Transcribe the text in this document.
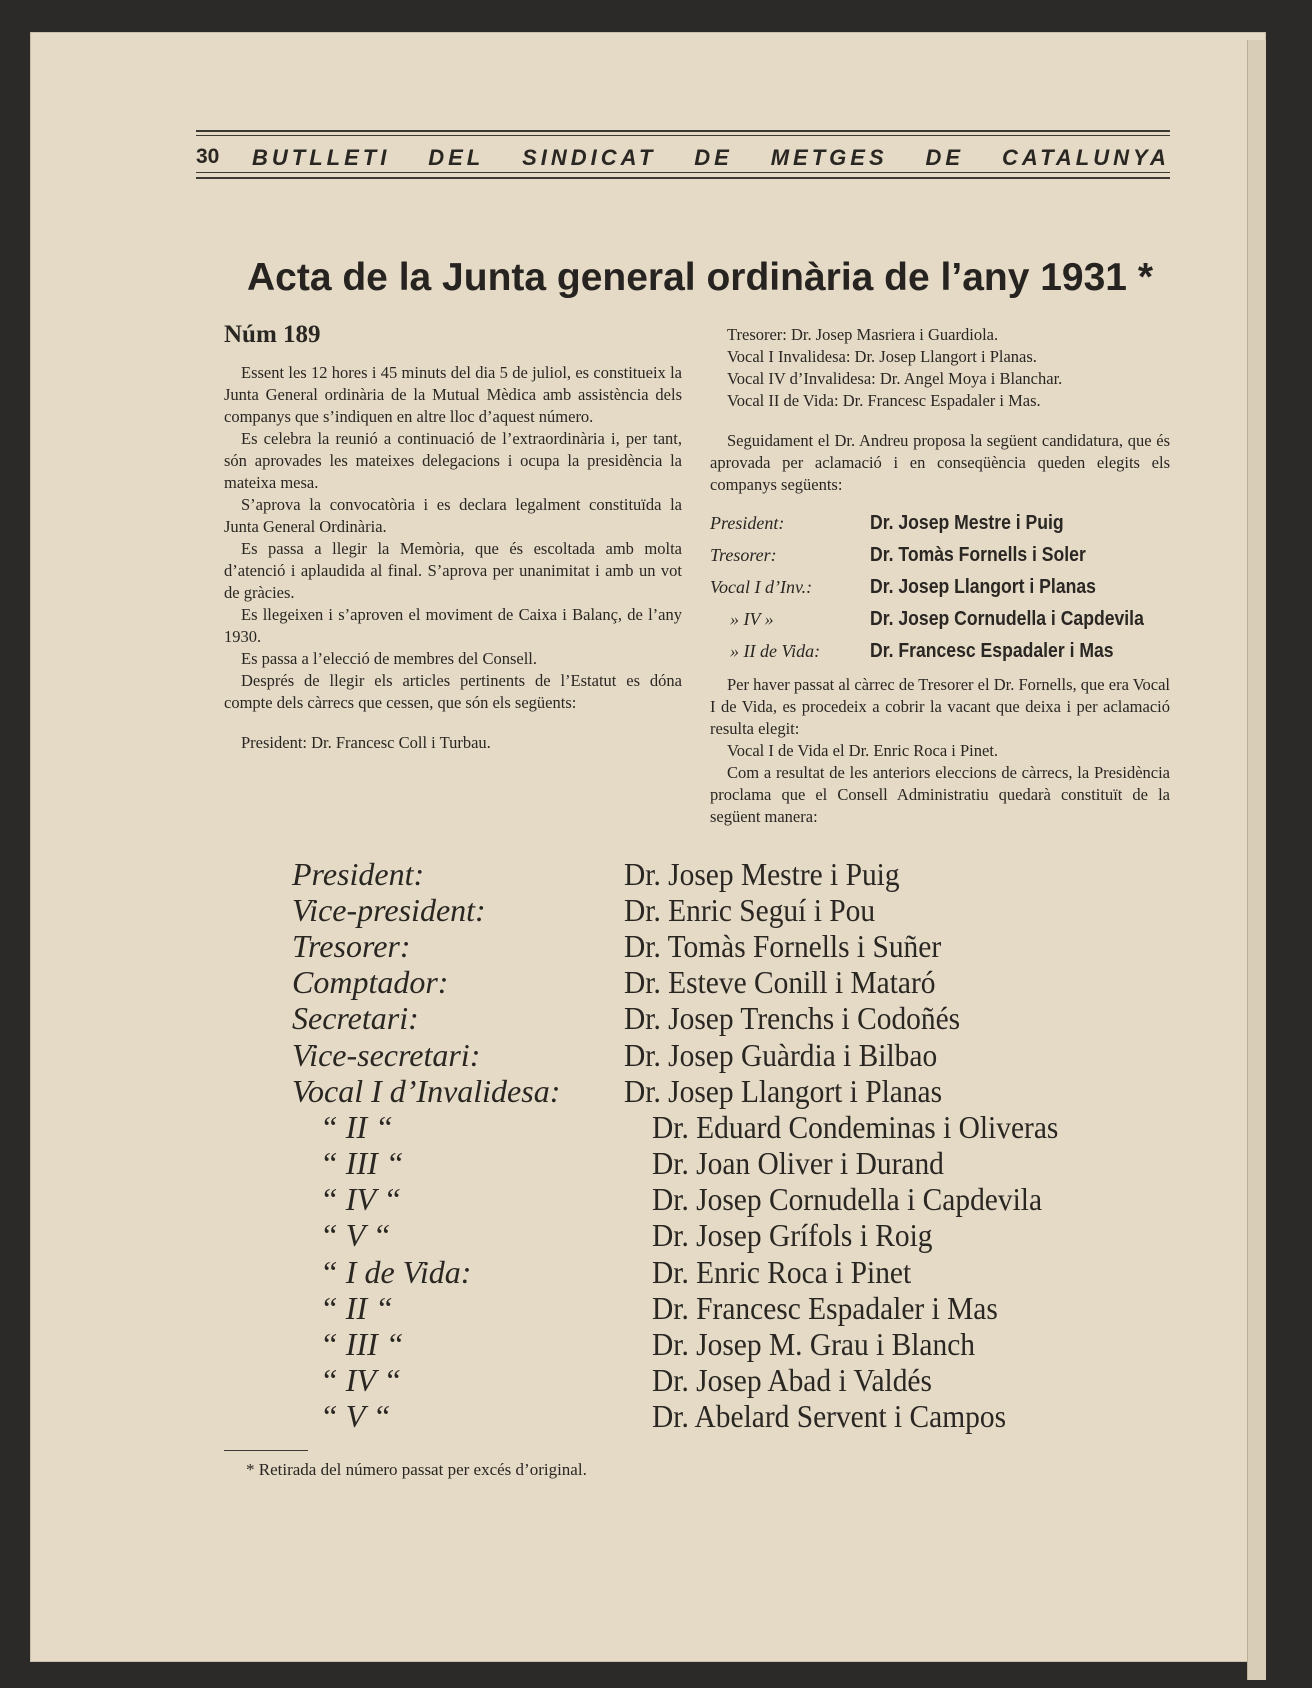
30 BUTLLETI DEL SINDICAT DE METGES DE CATALUNYA
Acta de la Junta general ordinària de l’any 1931 *
Núm 189

Essent les 12 hores i 45 minuts del dia 5 de juliol, es constitueix la Junta General ordinària de la Mutual Mèdica amb assistència dels companys que s’indiquen en altre lloc d’aquest número.

Es celebra la reunió a continuació de l’extraordinària i, per tant, són aprovades les mateixes delegacions i ocupa la presidència la mateixa mesa.

S’aprova la convocatòria i es declara legalment constituïda la Junta General Ordinària.

Es passa a llegir la Memòria, que és escoltada amb molta d’atenció i aplaudida al final. S’aprova per unanimitat i amb un vot de gràcies.

Es llegeixen i s’aproven el moviment de Caixa i Balanç, de l’any 1930.

Es passa a l’elecció de membres del Consell.

Després de llegir els articles pertinents de l’Estatut es dóna compte dels càrrecs que cessen, que són els següents:

President: Dr. Francesc Coll i Turbau.

Tresorer: Dr. Josep Masriera i Guardiola.

Vocal I Invalidesa: Dr. Josep Llangort i Planas.

Vocal IV d’Invalidesa: Dr. Angel Moya i Blanchar.

Vocal II de Vida: Dr. Francesc Espadaler i Mas.

Seguidament el Dr. Andreu proposa la següent candidatura, que és aprovada per aclamació i en conseqüència queden elegits els companys següents:

President:	Dr. Josep Mestre i Puig
Tresorer:	Dr. Tomàs Fornells i Soler
Vocal I d’Inv.:	Dr. Josep Llangort i Planas
» IV »	Dr. Josep Cornudella i Capdevila
» II de Vida:	Dr. Francesc Espadaler i Mas

Per haver passat al càrrec de Tresorer el Dr. Fornells, que era Vocal I de Vida, es procedeix a cobrir la vacant que deixa i per aclamació resulta elegit:

Vocal I de Vida el Dr. Enric Roca i Pinet.

Com a resultat de les anteriors eleccions de càrrecs, la Presidència proclama que el Consell Administratiu quedarà constituït de la següent manera:

President:	Dr. Josep Mestre i Puig
Vice-president:	Dr. Enric Seguí i Pou
Tresorer:	Dr. Tomàs Fornells i Suñer
Comptador:	Dr. Esteve Conill i Mataró
Secretari:	Dr. Josep Trenchs i Codoñés
Vice-secretari:	Dr. Josep Guàrdia i Bilbao
Vocal I d’Invalidesa:	Dr. Josep Llangort i Planas
“ II “	Dr. Eduard Condeminas i Oliveras
“ III “	Dr. Joan Oliver i Durand
“ IV “	Dr. Josep Cornudella i Capdevila
“ V “	Dr. Josep Grífols i Roig
“ I de Vida:	Dr. Enric Roca i Pinet
“ II “	Dr. Francesc Espadaler i Mas
“ III “	Dr. Josep M. Grau i Blanch
“ IV “	Dr. Josep Abad i Valdés
“ V “	Dr. Abelard Servent i Campos
* Retirada del número passat per excés d’original.
